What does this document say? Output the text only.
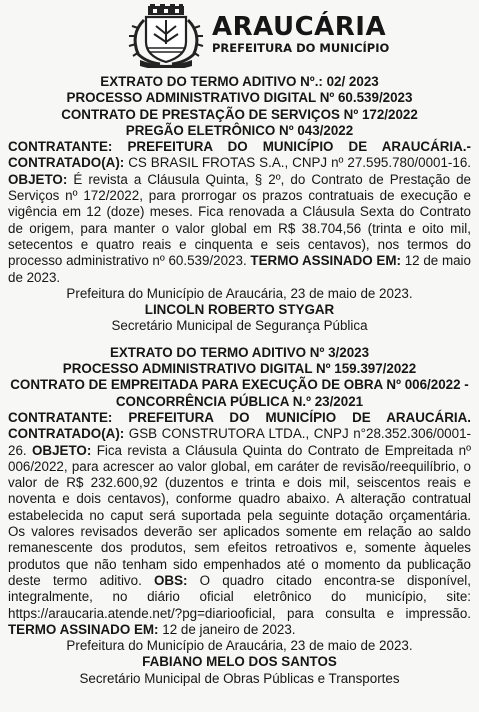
ARAUCÁRIA
PREFEITURA DO MUNICÍPIO
EXTRATO DO TERMO ADITIVO Nº.: 02/ 2023
PROCESSO ADMINISTRATIVO DIGITAL Nº 60.539/2023
CONTRATO DE PRESTAÇÃO DE SERVIÇOS Nº 172/2022
PREGÃO ELETRÔNICO Nº 043/2022
CONTRATANTE: PREFEITURA DO MUNICÍPIO DE ARAUCÁRIA.- CONTRATADO(A): CS BRASIL FROTAS S.A., CNPJ nº 27.595.780/0001-16. OBJETO: É revista a Cláusula Quinta, § 2º, do Contrato de Prestação de Serviços nº 172/2022, para prorrogar os prazos contratuais de execução e vigência em 12 (doze) meses. Fica renovada a Cláusula Sexta do Contrato de origem, para manter o valor global em R$ 38.704,56 (trinta e oito mil, setecentos e quatro reais e cinquenta e seis centavos), nos termos do processo administrativo nº 60.539/2023. TERMO ASSINADO EM: 12 de maio de 2023.
Prefeitura do Município de Araucária, 23 de maio de 2023.
LINCOLN ROBERTO STYGAR
Secretário Municipal de Segurança Pública
EXTRATO DO TERMO ADITIVO Nº 3/2023
PROCESSO ADMINISTRATIVO DIGITAL Nº 159.397/2022
CONTRATO DE EMPREITADA PARA EXECUÇÃO DE OBRA Nº 006/2022 - CONCORRÊNCIA PÚBLICA N.º 23/2021
CONTRATANTE: PREFEITURA DO MUNICÍPIO DE ARAUCÁRIA. CONTRATADO(A): GSB CONSTRUTORA LTDA., CNPJ n°28.352.306/0001-26. OBJETO: Fica revista a Cláusula Quinta do Contrato de Empreitada nº 006/2022, para acrescer ao valor global, em caráter de revisão/reequilíbrio, o valor de R$ 232.600,92 (duzentos e trinta e dois mil, seiscentos reais e noventa e dois centavos), conforme quadro abaixo. A alteração contratual estabelecida no caput será suportada pela seguinte dotação orçamentária. Os valores revisados deverão ser aplicados somente em relação ao saldo remanescente dos produtos, sem efeitos retroativos e, somente àqueles produtos que não tenham sido empenhados até o momento da publicação deste termo aditivo. OBS: O quadro citado encontra-se disponível, integralmente, no diário oficial eletrônico do município, site: https://araucaria.atende.net/?pg=diariooficial, para consulta e impressão. TERMO ASSINADO EM: 12 de janeiro de 2023.
Prefeitura do Município de Araucária, 23 de maio de 2023.
FABIANO MELO DOS SANTOS
Secretário Municipal de Obras Públicas e Transportes
